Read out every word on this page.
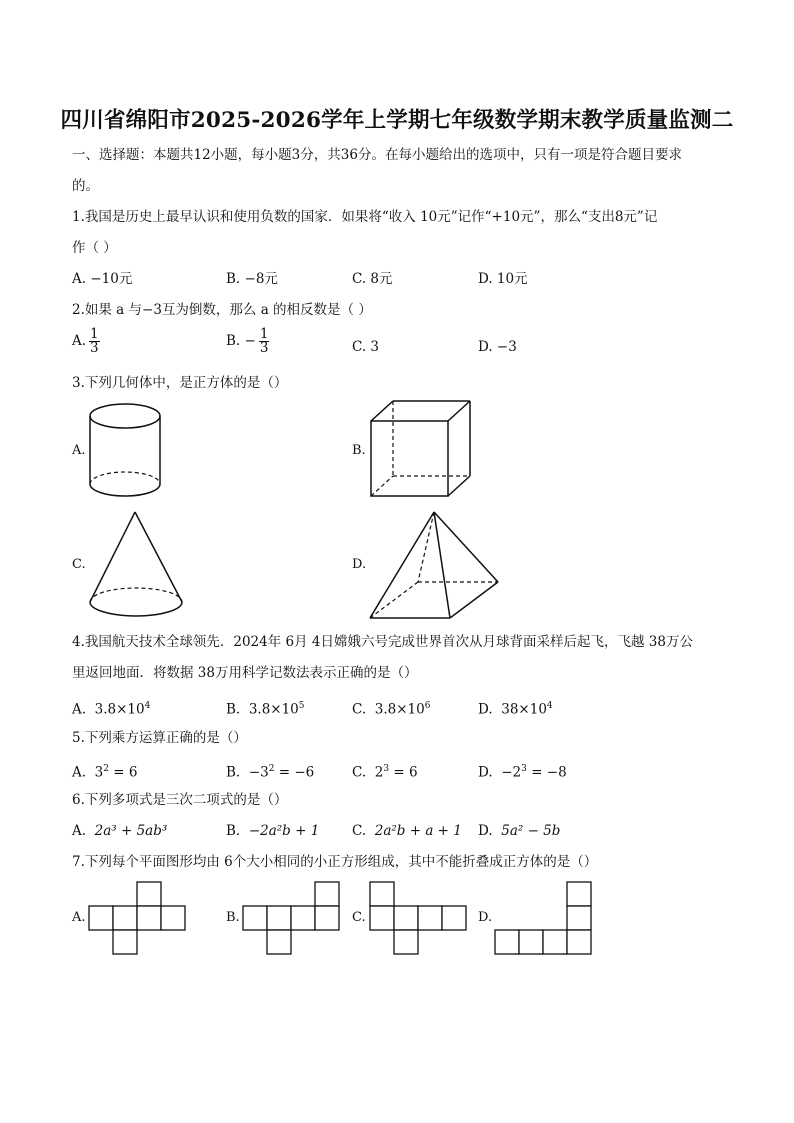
四川省绵阳市2025-2026学年上学期七年级数学期末教学质量监测二
一、选择题：本题共12小题，每小题3分，共36分。在每小题给出的选项中，只有一项是符合题目要求
的。
1.我国是历史上最早认识和使用负数的国家．如果将“收入 10元”记作“+10元”，那么“支出8元”记
作（ ）
A. −10元	B. −8元	C. 8元	D. 10元
2.如果 a 与−3互为倒数，那么 a 的相反数是（ ）
A. $\frac{1}{3}$	B. − $\frac{1}{3}$	C. 3	D. −3
3.下列几何体中，是正方体的是（）
A.	B.
C.	D.
4.我国航天技术全球领先．2024年 6月 4日嫦娥六号完成世界首次从月球背面采样后起飞，飞越 38万公
里返回地面．将数据 38万用科学记数法表示正确的是（）
A. $3.8\times 10^4$	B. $3.8\times 10^5$	C. $3.8\times 10^6$	D. $38\times 10^4$
5.下列乘方运算正确的是（）
A. $3^2 = 6$	B. $-3^2 = -6$	C. $2^3 = 6$	D. $-2^3 = -8$
6.下列多项式是三次二项式的是（）
A. 2a³ + 5ab³	B. −2a²b + 1 C. 2a²b + a + 1 D. 5a² − 5b
7.下列每个平面图形均由 6个大小相同的小正方形组成，其中不能折叠成正方体的是（）
A.	B.	C.	D.
